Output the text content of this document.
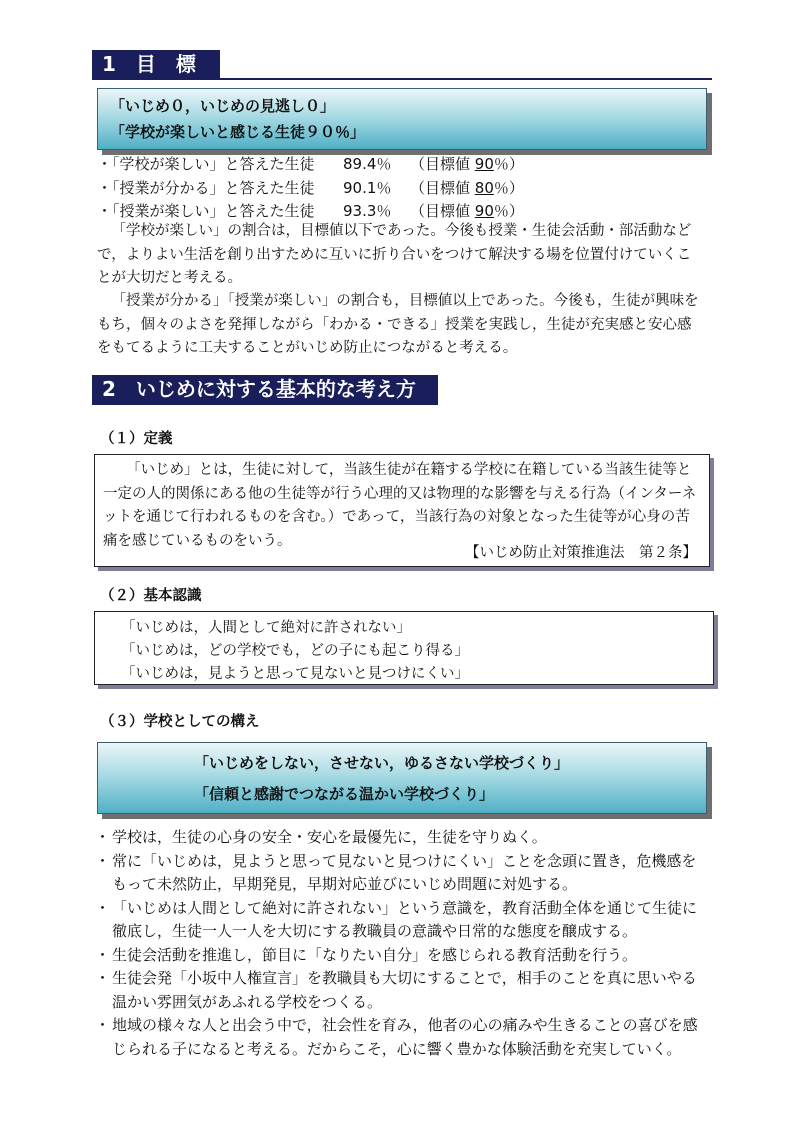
1　目　標
「いじめ０，いじめの見逃し０」
「学校が楽しいと感じる生徒９０％」
・「学校が楽しい」と答えた生徒 89.4％ （目標値 90％）
・「授業が分かる」と答えた生徒 90.1％ （目標値 80％）
・「授業が楽しい」と答えた生徒 93.3％ （目標値 90％）
「学校が楽しい」の割合は，目標値以下であった。今後も授業・生徒会活動・部活動などで，よりよい生活を創り出すために互いに折り合いをつけて解決する場を位置付けていくことが大切だと考える。
「授業が分かる」「授業が楽しい」の割合も，目標値以上であった。今後も，生徒が興味をもち，個々のよさを発揮しながら「わかる・できる」授業を実践し，生徒が充実感と安心感をもてるように工夫することがいじめ防止につながると考える。
2　いじめに対する基本的な考え方
（１）定義
「いじめ」とは，生徒に対して，当該生徒が在籍する学校に在籍している当該生徒等と一定の人的関係にある他の生徒等が行う心理的又は物理的な影響を与える行為（インターネットを通じて行われるものを含む。）であって，当該行為の対象となった生徒等が心身の苦痛を感じているものをいう。
【いじめ防止対策推進法　第２条】
（２）基本認識
「いじめは，人間として絶対に許されない」
「いじめは，どの学校でも，どの子にも起こり得る」
「いじめは，見ようと思って見ないと見つけにくい」
（３）学校としての構え
「いじめをしない，させない，ゆるさない学校づくり」
「信頼と感謝でつながる温かい学校づくり」
・ 学校は，生徒の心身の安全・安心を最優先に，生徒を守りぬく。
・ 常に「いじめは，見ようと思って見ないと見つけにくい」ことを念頭に置き，危機感をもって未然防止，早期発見，早期対応並びにいじめ問題に対処する。
・ 「いじめは人間として絶対に許されない」という意識を，教育活動全体を通じて生徒に徹底し，生徒一人一人を大切にする教職員の意識や日常的な態度を醸成する。
・ 生徒会活動を推進し，節目に「なりたい自分」を感じられる教育活動を行う。
・ 生徒会発「小坂中人権宣言」を教職員も大切にすることで，相手のことを真に思いやる温かい雰囲気があふれる学校をつくる。
・ 地域の様々な人と出会う中で，社会性を育み，他者の心の痛みや生きることの喜びを感じられる子になると考える。だからこそ，心に響く豊かな体験活動を充実していく。
